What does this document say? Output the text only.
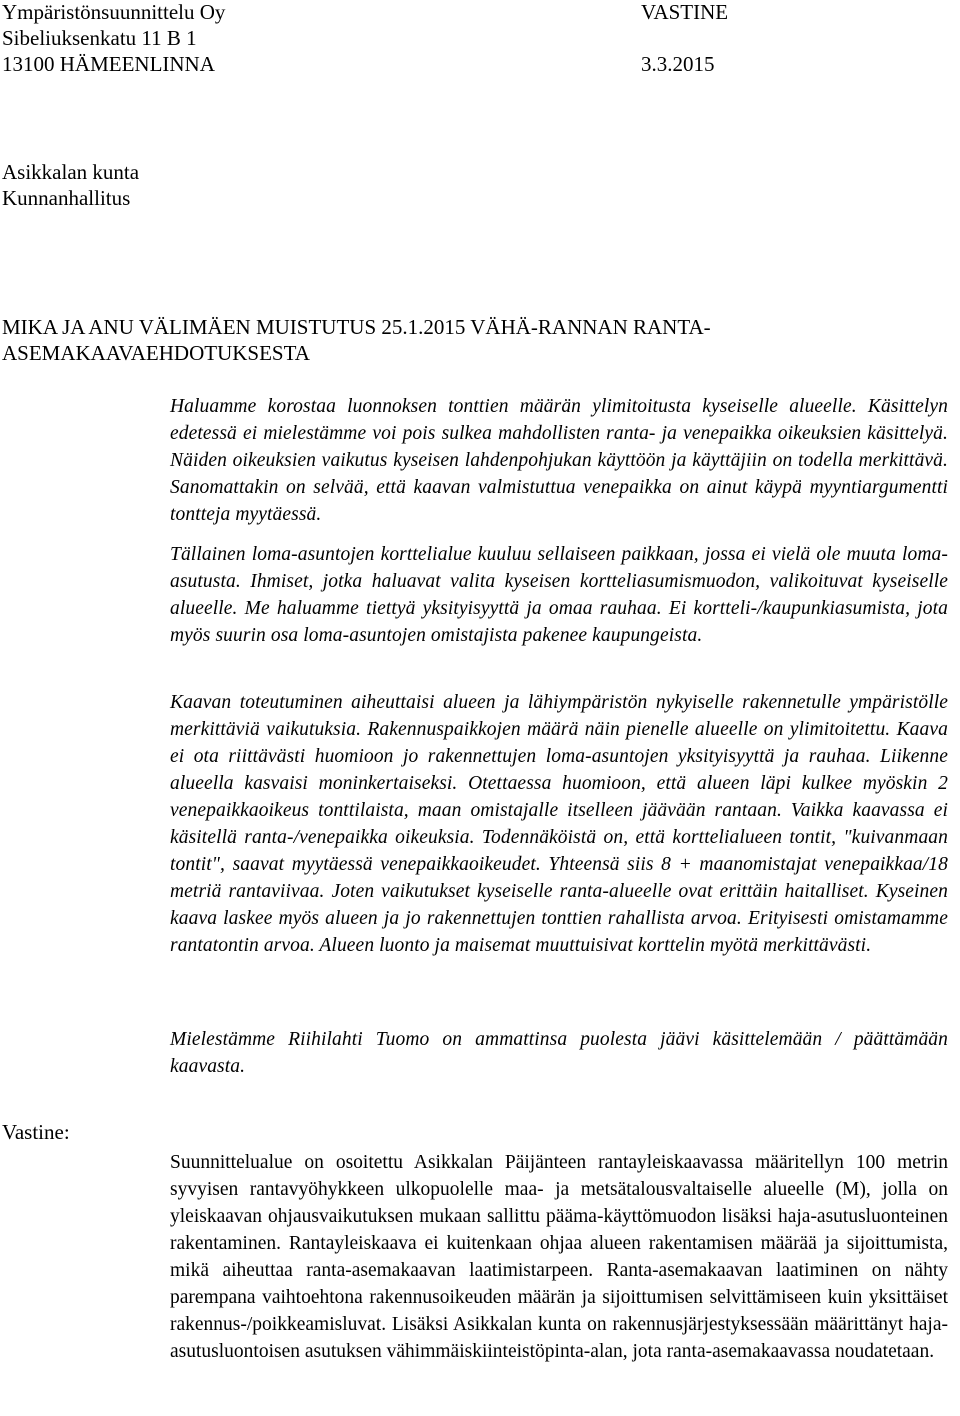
Ympäristönsuunnittelu Oy
Sibeliuksenkatu 11 B 1
13100 HÄMEENLINNA
VASTINE
3.3.2015
Asikkalan kunta
Kunnanhallitus
MIKA JA ANU VÄLIMÄEN MUISTUTUS 25.1.2015 VÄHÄ-RANNAN RANTA-ASEMAKAAVAEHDOTUKSESTA

Haluamme korostaa luonnoksen tonttien määrän ylimitoitusta kyseiselle alueelle. Käsittelyn edetessä ei mielestämme voi pois sulkea mahdollisten ranta- ja venepaikka oikeuksien käsittelyä. Näiden oikeuksien vaikutus kyseisen lahdenpohjukan käyttöön ja käyttäjiin on todella merkittävä. Sanomattakin on selvää, että kaavan valmistuttua venepaikka on ainut käypä myyntiargumentti tontteja myytäessä.

Tällainen loma-asuntojen korttelialue kuuluu sellaiseen paikkaan, jossa ei vielä ole muuta loma-asutusta. Ihmiset, jotka haluavat valita kyseisen kortteliasumismuodon, valikoituvat kyseiselle alueelle. Me haluamme tiettyä yksityisyyttä ja omaa rauhaa. Ei kortteli-/kaupunkiasumista, jota myös suurin osa loma-asuntojen omistajista pakenee kaupungeista.

Kaavan toteutuminen aiheuttaisi alueen ja lähiympäristön nykyiselle rakennetulle ympäristölle merkittäviä vaikutuksia. Rakennuspaikkojen määrä näin pienelle alueelle on ylimitoitettu. Kaava ei ota riittävästi huomioon jo rakennettujen loma-asuntojen yksityisyyttä ja rauhaa. Liikenne alueella kasvaisi moninkertaiseksi. Otettaessa huomioon, että alueen läpi kulkee myöskin 2 venepaikkaoikeus tonttilaista, maan omistajalle itselleen jäävään rantaan. Vaikka kaavassa ei käsitellä ranta-/venepaikka oikeuksia. Todennäköistä on, että korttelialueen tontit, "kuivanmaan tontit", saavat myytäessä venepaikkaoikeudet. Yhteensä siis 8 + maanomistajat venepaikkaa/18 metriä rantaviivaa. Joten vaikutukset kyseiselle ranta-alueelle ovat erittäin haitalliset. Kyseinen kaava laskee myös alueen ja jo rakennettujen tonttien rahallista arvoa. Erityisesti omistamamme rantatontin arvoa. Alueen luonto ja maisemat muuttuisivat korttelin myötä merkittävästi.

Mielestämme Riihilahti Tuomo on ammattinsa puolesta jäävi käsittelemään / päättämään kaavasta.

Vastine:

Suunnittelualue on osoitettu Asikkalan Päijänteen rantayleiskaavassa määritellyn 100 metrin syvyisen rantavyöhykkeen ulkopuolelle maa- ja metsätalousvaltaiselle alueelle (M), jolla on yleiskaavan ohjausvaikutuksen mukaan sallittu pääma-käyttömuodon lisäksi haja-asutusluonteinen rakentaminen. Rantayleiskaava ei kuitenkaan ohjaa alueen rakentamisen määrää ja sijoittumista, mikä aiheuttaa ranta-asemakaavan laatimistarpeen. Ranta-asemakaavan laatiminen on nähty parempana vaihtoehtona rakennusoikeuden määrän ja sijoittumisen selvittämiseen kuin yksittäiset rakennus-/poikkeamisluvat. Lisäksi Asikkalan kunta on rakennusjärjestyksessään määrittänyt haja-asutusluontoisen asutuksen vähimmäiskiinteistöpinta-alan, jota ranta-asemakaavassa noudatetaan.
